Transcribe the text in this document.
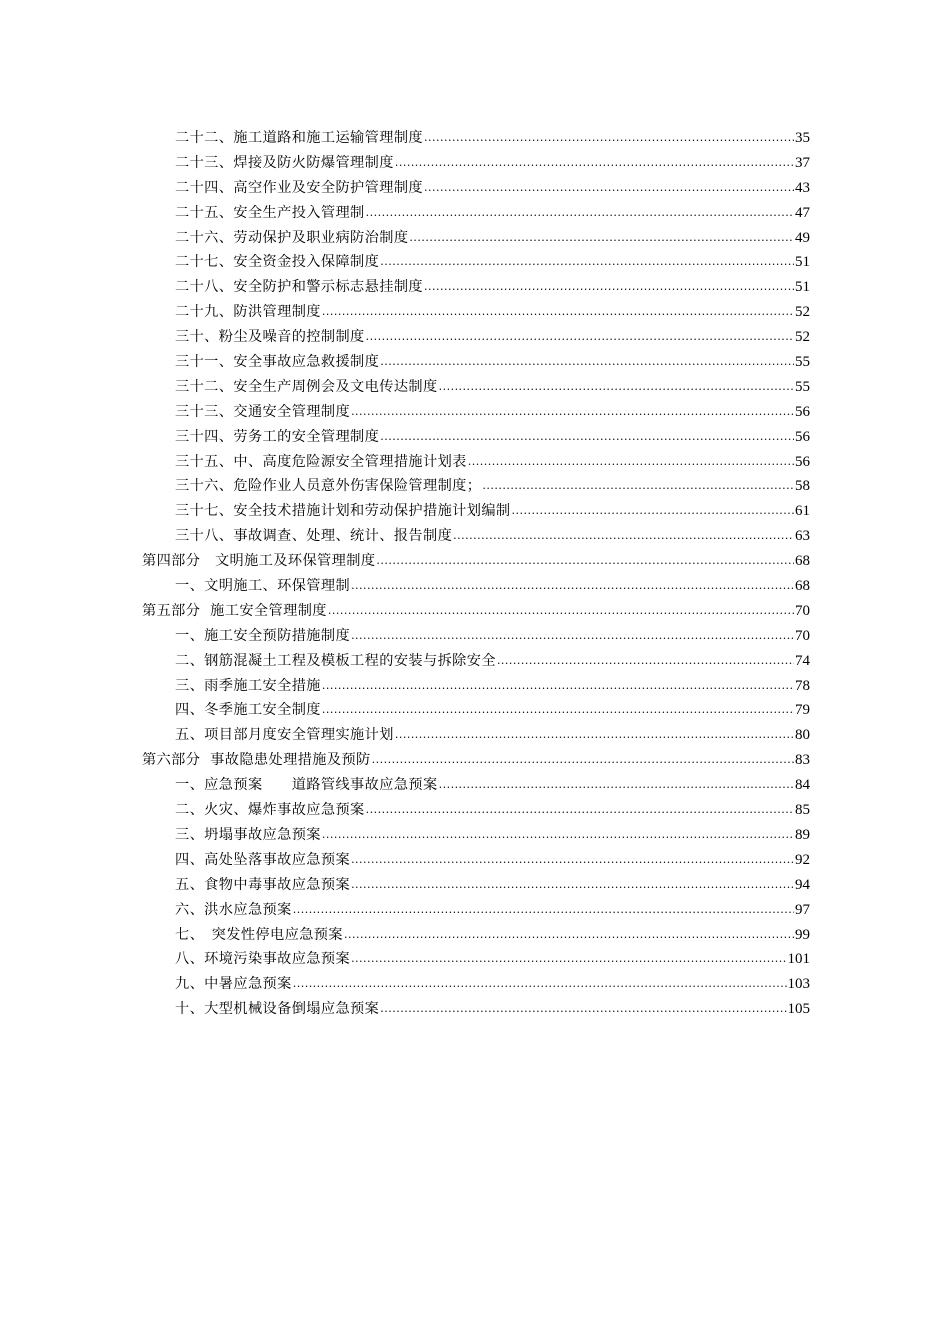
二十二、施工道路和施工运输管理制度 .....	35
二十三、焊接及防火防爆管理制度 .....	37
二十四、高空作业及安全防护管理制度 .....	43
二十五、安全生产投入管理制 .....	47
二十六、劳动保护及职业病防治制度 .....	49
二十七、安全资金投入保障制度 .....	51
二十八、安全防护和警示标志悬挂制度 .....	51
二十九、防洪管理制度 .....	52
三十、粉尘及噪音的控制制度 .....	52
三十一、安全事故应急救援制度 .....	55
三十二、安全生产周例会及文电传达制度 .....	55
三十三、交通安全管理制度 .....	56
三十四、劳务工的安全管理制度 .....	56
三十五、中、高度危险源安全管理措施计划表 .....	56
三十六、危险作业人员意外伤害保险管理制度； .....	58
三十七、安全技术措施计划和劳动保护措施计划编制 .....	61
三十八、事故调查、处理、统计、报告制度 .....	63
第四部分　文明施工及环保管理制度 .....	68
一、文明施工、环保管理制 .....	68
第五部分  施工安全管理制度 .....	70
一、施工安全预防措施制度 .....	70
二、钢筋混凝土工程及模板工程的安装与拆除安全 .....	74
三、雨季施工安全措施 .....	78
四、冬季施工安全制度 .....	79
五、项目部月度安全管理实施计划 .....	80
第六部分  事故隐患处理措施及预防 .....	83
一、应急预案　　道路管线事故应急预案 .....	84
二、火灾、爆炸事故应急预案 .....	85
三、坍塌事故应急预案 .....	89
四、高处坠落事故应急预案 .....	92
五、食物中毒事故应急预案 .....	94
六、洪水应急预案 .....	97
七、　突发性停电应急预案 .....	99
八、环境污染事故应急预案 .....	101
九、中暑应急预案 .....	103
十、大型机械设备倒塌应急预案 .....	105
